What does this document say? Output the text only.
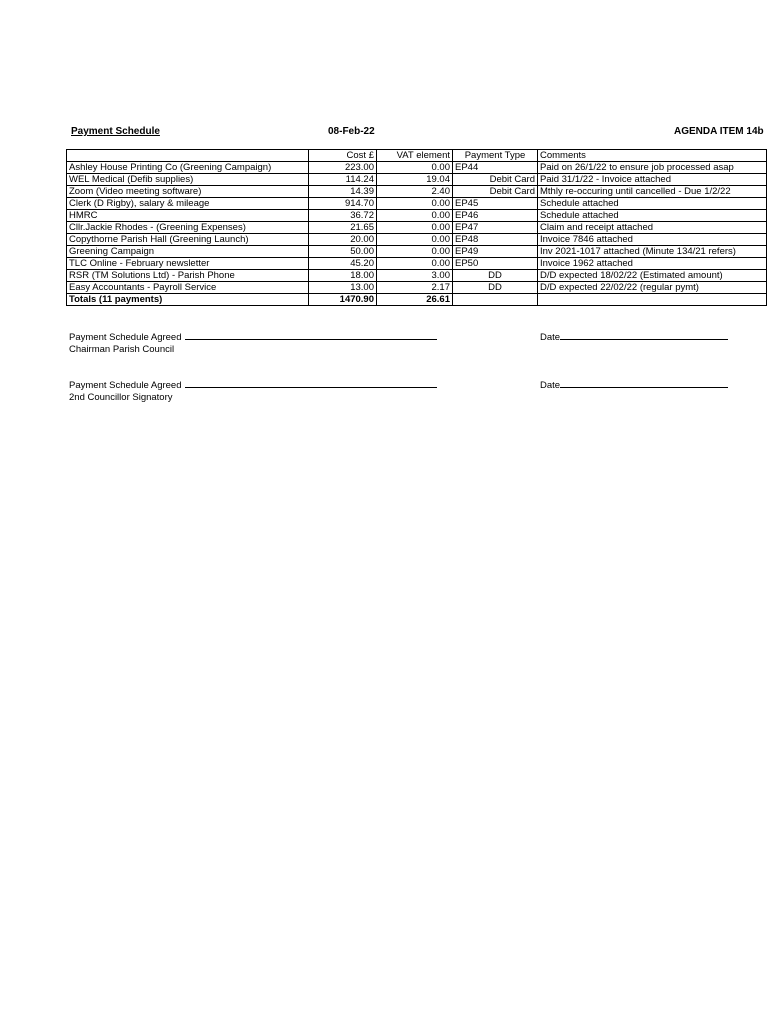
Payment Schedule	08-Feb-22	AGENDA ITEM 14b
	Cost £	VAT element	Payment Type	Comments
Ashley House Printing Co (Greening Campaign)	223.00	0.00	EP44	Paid on 26/1/22 to ensure job processed asap
WEL Medical (Defib supplies)	114.24	19.04	Debit Card	Paid 31/1/22 - Invoice attached
Zoom (Video meeting software)	14.39	2.40	Debit Card	Mthly re-occuring until cancelled - Due 1/2/22
Clerk (D Rigby), salary & mileage	914.70	0.00	EP45	Schedule attached
HMRC	36.72	0.00	EP46	Schedule attached
Cllr.Jackie Rhodes - (Greening Expenses)	21.65	0.00	EP47	Claim and receipt attached
Copythorne Parish Hall (Greening Launch)	20.00	0.00	EP48	Invoice 7846 attached
Greening Campaign	50.00	0.00	EP49	Inv 2021-1017 attached (Minute 134/21 refers)
TLC Online - February newsletter	45.20	0.00	EP50	Invoice 1962 attached
RSR (TM Solutions Ltd) - Parish Phone	18.00	3.00	DD	D/D expected 18/02/22 (Estimated amount)
Easy Accountants - Payroll Service	13.00	2.17	DD	D/D expected 22/02/22 (regular pymt)
Totals (11 payments)	1470.90	26.61		
Payment Schedule Agreed
Chairman Parish Council
Date
Payment Schedule Agreed
2nd Councillor Signatory
Date
